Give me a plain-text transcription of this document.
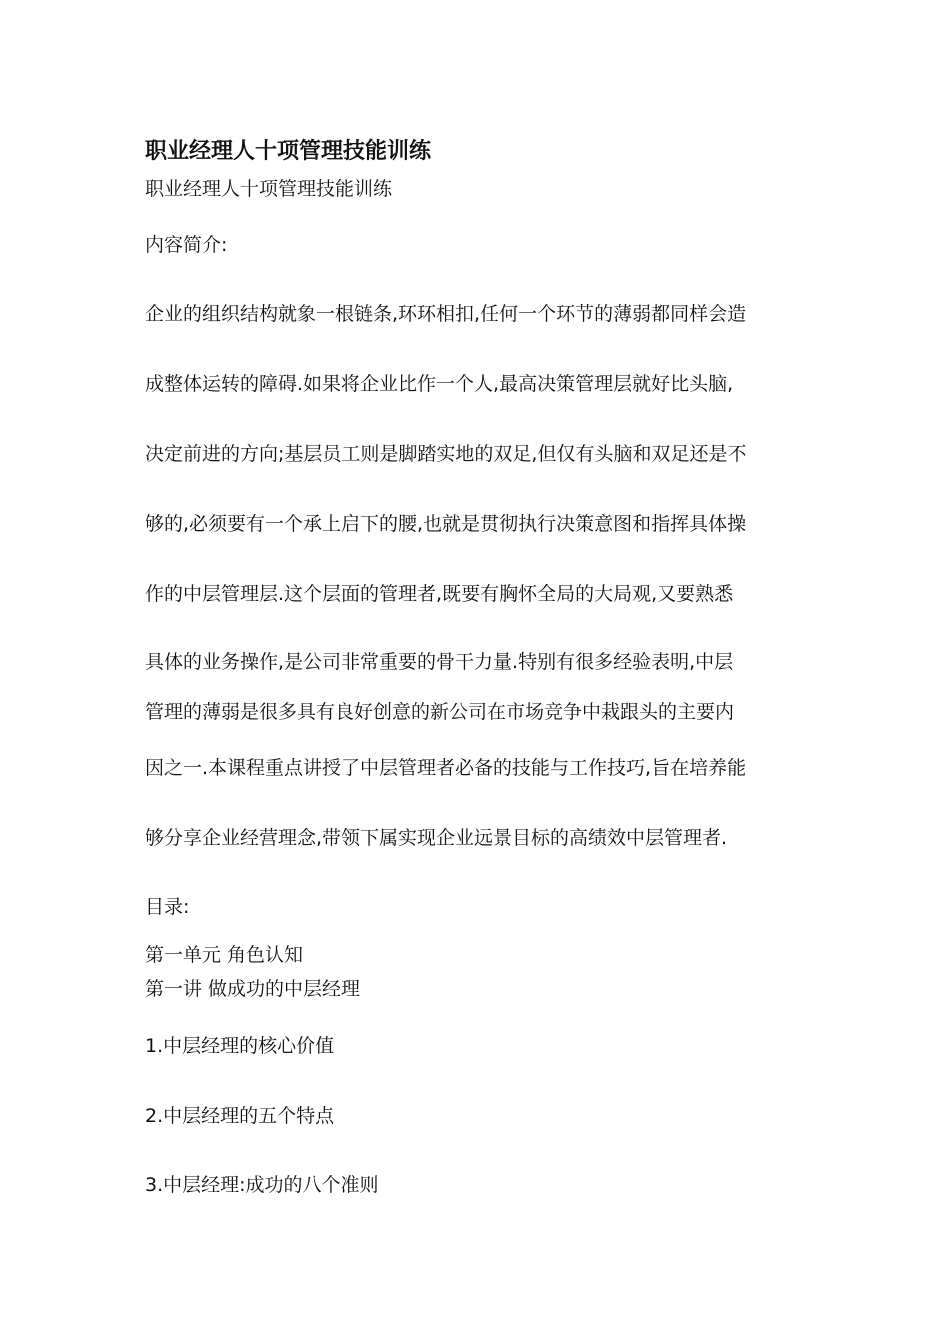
职业经理人十项管理技能训练

职业经理人十项管理技能训练

内容简介:

企业的组织结构就象一根链条,环环相扣,任何一个环节的薄弱都同样会造

成整体运转的障碍.如果将企业比作一个人,最高决策管理层就好比头脑,

决定前进的方向;基层员工则是脚踏实地的双足,但仅有头脑和双足还是不

够的,必须要有一个承上启下的腰,也就是贯彻执行决策意图和指挥具体操

作的中层管理层.这个层面的管理者,既要有胸怀全局的大局观,又要熟悉

具体的业务操作,是公司非常重要的骨干力量.特别有很多经验表明,中层

管理的薄弱是很多具有良好创意的新公司在市场竞争中栽跟头的主要内

因之一.本课程重点讲授了中层管理者必备的技能与工作技巧,旨在培养能

够分享企业经营理念,带领下属实现企业远景目标的高绩效中层管理者.

目录:

第一单元 角色认知

第一讲 做成功的中层经理

1.中层经理的核心价值

2.中层经理的五个特点

3.中层经理:成功的八个准则
